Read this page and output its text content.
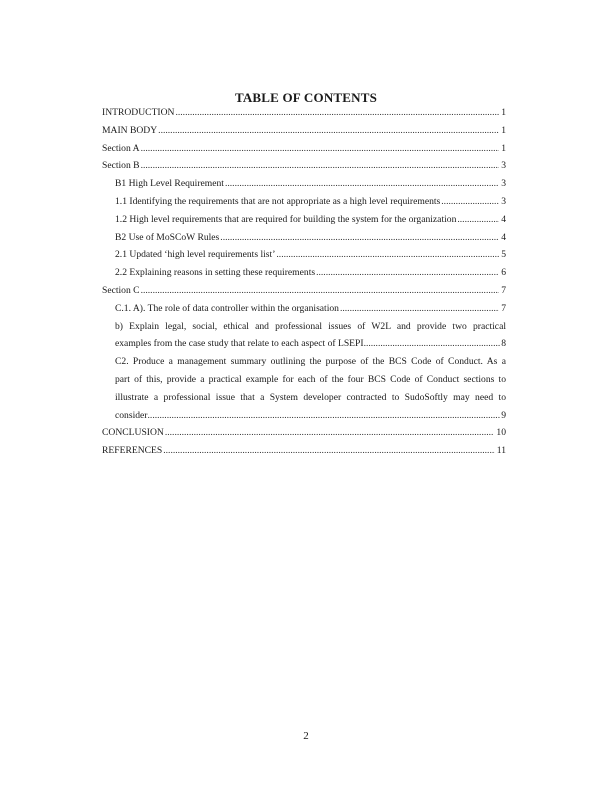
TABLE OF CONTENTS
INTRODUCTION .....	1
MAIN BODY .....	1
Section A .....	1
Section B .....	3
B1 High Level Requirement .....	3
1.1 Identifying the requirements that are not appropriate as a high level requirements .....	3
1.2 High level requirements that are required for building the system for the organization .....	4
B2 Use of MoSCoW Rules .....	4
2.1 Updated ‘high level requirements list’ .....	5
2.2 Explaining reasons in setting these requirements .....	6
Section C .....	7
C.1. A). The role of data controller within the organisation .....	7
b) Explain legal, social, ethical and professional issues of W2L and provide two practical
examples from the case study that relate to each aspect of LSEPI .....	8
C2. Produce a management summary outlining the purpose of the BCS Code of Conduct. As a
part of this, provide a practical example for each of the four BCS Code of Conduct sections to
illustrate a professional issue that a System developer contracted to SudoSoftly may need to
consider .....	9
CONCLUSION .....	10
REFERENCES .....	11
2
